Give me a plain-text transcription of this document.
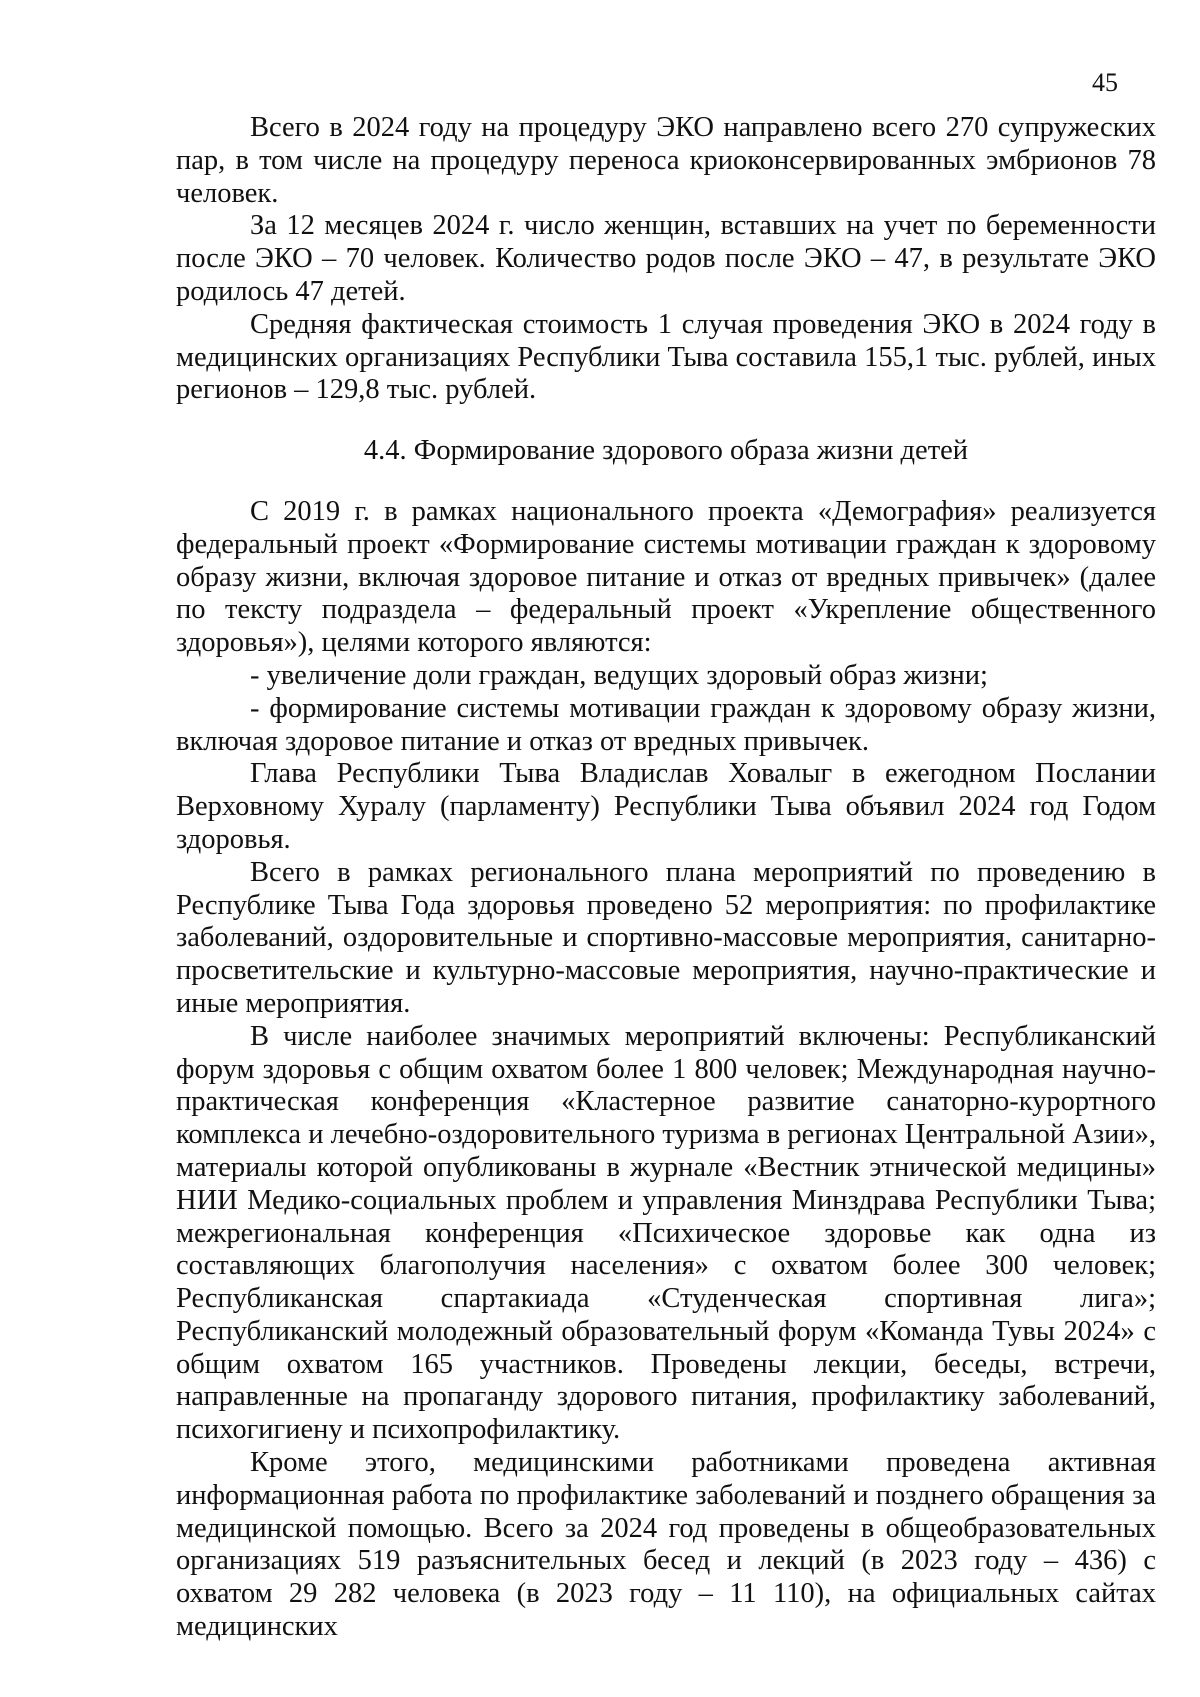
45

Всего в 2024 году на процедуру ЭКО направлено всего 270 супружеских пар, в том числе на процедуру переноса криоконсервированных эмбрионов 78 человек.

За 12 месяцев 2024 г. число женщин, вставших на учет по беременности после ЭКО – 70 человек. Количество родов после ЭКО – 47, в результате ЭКО родилось 47 детей.

Средняя фактическая стоимость 1 случая проведения ЭКО в 2024 году в медицинских организациях Республики Тыва составила 155,1 тыс. рублей, иных регионов – 129,8 тыс. рублей.

4.4. Формирование здорового образа жизни детей

С 2019 г. в рамках национального проекта «Демография» реализуется федеральный проект «Формирование системы мотивации граждан к здоровому образу жизни, включая здоровое питание и отказ от вредных привычек» (далее по тексту подраздела – федеральный проект «Укрепление общественного здоровья»), целями которого являются:

- увеличение доли граждан, ведущих здоровый образ жизни;

- формирование системы мотивации граждан к здоровому образу жизни, включая здоровое питание и отказ от вредных привычек.

Глава Республики Тыва Владислав Ховалыг в ежегодном Послании Верховному Хуралу (парламенту) Республики Тыва объявил 2024 год Годом здоровья.

Всего в рамках регионального плана мероприятий по проведению в Республике Тыва Года здоровья проведено 52 мероприятия: по профилактике заболеваний, оздоровительные и спортивно-массовые мероприятия, санитарно-просветительские и культурно-массовые мероприятия, научно-практические и иные мероприятия.

В числе наиболее значимых мероприятий включены: Республиканский форум здоровья с общим охватом более 1 800 человек; Международная научно-практическая конференция «Кластерное развитие санаторно-курортного комплекса и лечебно-оздоровительного туризма в регионах Центральной Азии», материалы которой опубликованы в журнале «Вестник этнической медицины» НИИ Медико-социальных проблем и управления Минздрава Республики Тыва; межрегиональная конференция «Психическое здоровье как одна из составляющих благополучия населения» с охватом более 300 человек; Республиканская спартакиада «Студенческая спортивная лига»; Республиканский молодежный образовательный форум «Команда Тувы 2024» с общим охватом 165 участников. Проведены лекции, беседы, встречи, направленные на пропаганду здорового питания, профилактику заболеваний, психогигиену и психопрофилактику.

Кроме этого, медицинскими работниками проведена активная информационная работа по профилактике заболеваний и позднего обращения за медицинской помощью. Всего за 2024 год проведены в общеобразовательных организациях 519 разъяснительных бесед и лекций (в 2023 году – 436) с охватом 29 282 человека (в 2023 году – 11 110), на официальных сайтах медицинских
